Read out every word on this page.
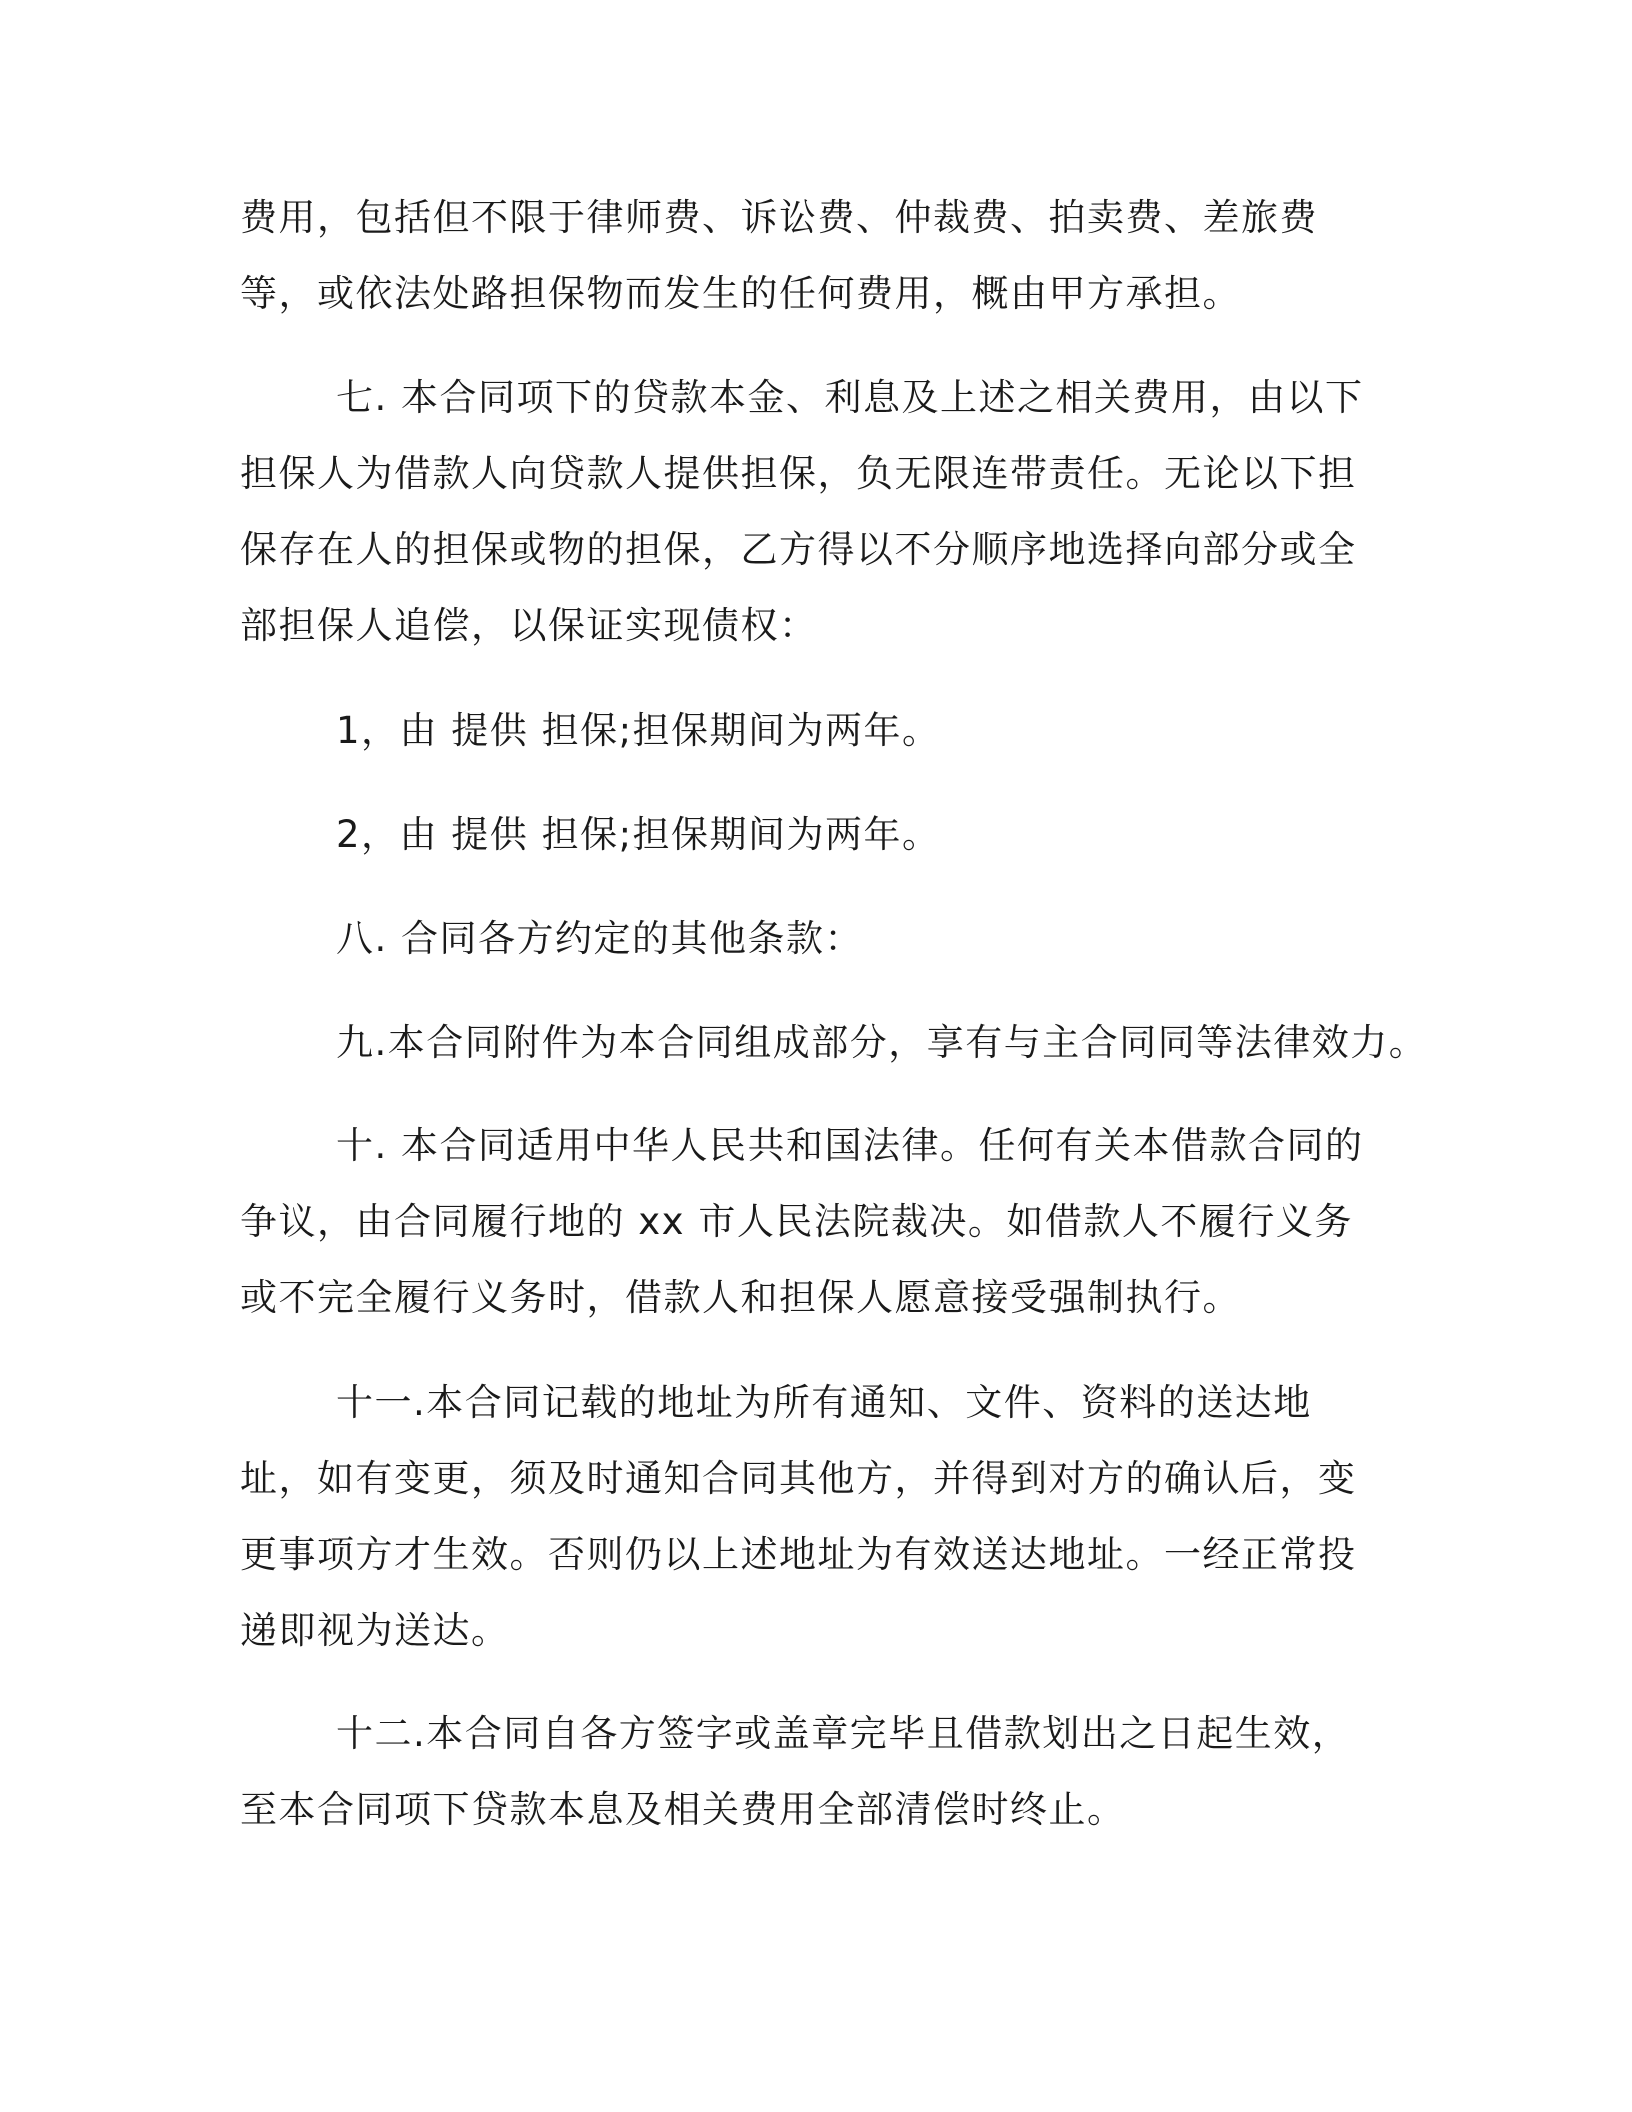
费用，包括但不限于律师费、诉讼费、仲裁费、拍卖费、差旅费等，或依法处路担保物而发生的任何费用，概由甲方承担。

七. 本合同项下的贷款本金、利息及上述之相关费用，由以下担保人为借款人向贷款人提供担保，负无限连带责任。无论以下担保存在人的担保或物的担保，乙方得以不分顺序地选择向部分或全部担保人追偿，以保证实现债权：

1，由 提供 担保;担保期间为两年。

2，由 提供 担保;担保期间为两年。

八. 合同各方约定的其他条款：

九.本合同附件为本合同组成部分，享有与主合同同等法律效力。

十. 本合同适用中华人民共和国法律。任何有关本借款合同的争议，由合同履行地的 xx 市人民法院裁决。如借款人不履行义务或不完全履行义务时，借款人和担保人愿意接受强制执行。

十一.本合同记载的地址为所有通知、文件、资料的送达地址，如有变更，须及时通知合同其他方，并得到对方的确认后，变更事项方才生效。否则仍以上述地址为有效送达地址。一经正常投递即视为送达。

十二.本合同自各方签字或盖章完毕且借款划出之日起生效，至本合同项下贷款本息及相关费用全部清偿时终止。
